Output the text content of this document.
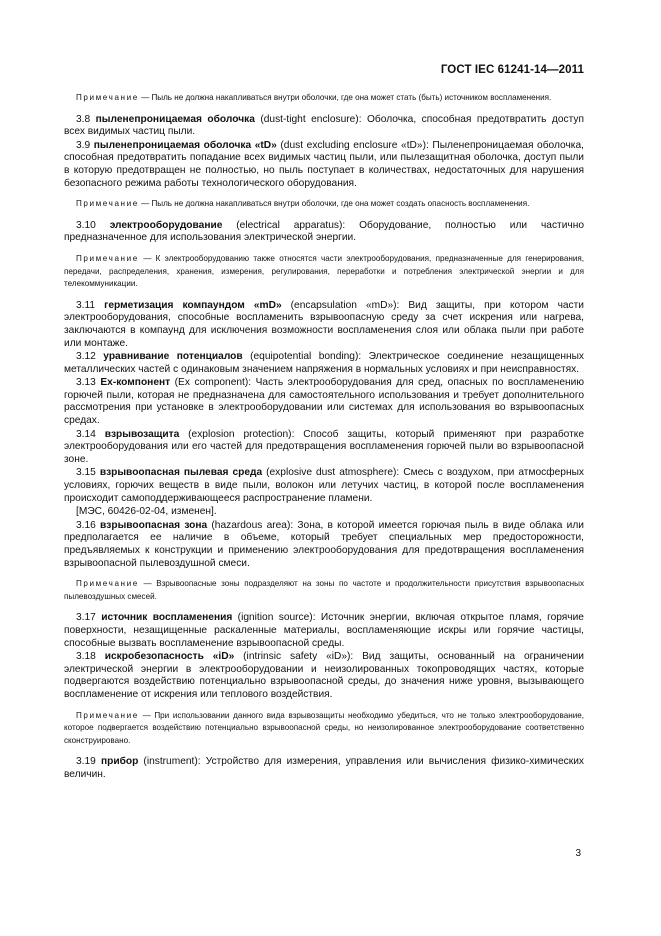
ГОСТ IEC 61241-14—2011

Примечание — Пыль не должна накапливаться внутри оболочки, где она может стать (быть) источником воспламенения.

3.8 пыленепроницаемая оболочка (dust-tight enclosure): Оболочка, способная предотвратить доступ всех видимых частиц пыли.

3.9 пыленепроницаемая оболочка «tD» (dust excluding enclosure «tD»): Пыленепроницаемая оболочка, способная предотвратить попадание всех видимых частиц пыли, или пылезащитная оболочка, доступ пыли в которую предотвращен не полностью, но пыль поступает в количествах, недостаточных для нарушения безопасного режима работы технологического оборудования.

Примечание — Пыль не должна накапливаться внутри оболочки, где она может создать опасность воспламенения.

3.10 электрооборудование (electrical apparatus): Оборудование, полностью или частично предназначенное для использования электрической энергии.

Примечание — К электрооборудованию также относятся части электрооборудования, предназначенные для генерирования, передачи, распределения, хранения, измерения, регулирования, переработки и потребления электрической энергии и для телекоммуникации.

3.11 герметизация компаундом «mD» (encapsulation «mD»): Вид защиты, при котором части электрооборудования, способные воспламенить взрывоопасную среду за счет искрения или нагрева, заключаются в компаунд для исключения возможности воспламенения слоя или облака пыли при работе или монтаже.

3.12 уравнивание потенциалов (equipotential bonding): Электрическое соединение незащищенных металлических частей с одинаковым значением напряжения в нормальных условиях и при неисправностях.

3.13 Ex-компонент (Ex component): Часть электрооборудования для сред, опасных по воспламенению горючей пыли, которая не предназначена для самостоятельного использования и требует дополнительного рассмотрения при установке в электрооборудовании или системах для использования во взрывоопасных средах.

3.14 взрывозащита (explosion protection): Способ защиты, который применяют при разработке электрооборудования или его частей для предотвращения воспламенения горючей пыли во взрывоопасной зоне.

3.15 взрывоопасная пылевая среда (explosive dust atmosphere): Смесь с воздухом, при атмосферных условиях, горючих веществ в виде пыли, волокон или летучих частиц, в которой после воспламенения происходит самоподдерживающееся распространение пламени.

[МЭС, 60426-02-04, изменен].

3.16 взрывоопасная зона (hazardous area): Зона, в которой имеется горючая пыль в виде облака или предполагается ее наличие в объеме, который требует специальных мер предосторожности, предъявляемых к конструкции и применению электрооборудования для предотвращения воспламенения взрывоопасной пылевоздушной смеси.

Примечание — Взрывоопасные зоны подразделяют на зоны по частоте и продолжительности присутствия взрывоопасных пылевоздушных смесей.

3.17 источник воспламенения (ignition source): Источник энергии, включая открытое пламя, горячие поверхности, незащищенные раскаленные материалы, воспламеняющие искры или горячие частицы, способные вызвать воспламенение взрывоопасной среды.

3.18 искробезопасность «iD» (intrinsic safety «iD»): Вид защиты, основанный на ограничении электрической энергии в электрооборудовании и неизолированных токопроводящих частях, которые подвергаются воздействию потенциально взрывоопасной среды, до значения ниже уровня, вызывающего воспламенение от искрения или теплового воздействия.

Примечание — При использовании данного вида взрывозащиты необходимо убедиться, что не только электрооборудование, которое подвергается воздействию потенциально взрывоопасной среды, но неизолированное электрооборудование соответственно сконструировано.

3.19 прибор (instrument): Устройство для измерения, управления или вычисления физико-химических величин.

3
